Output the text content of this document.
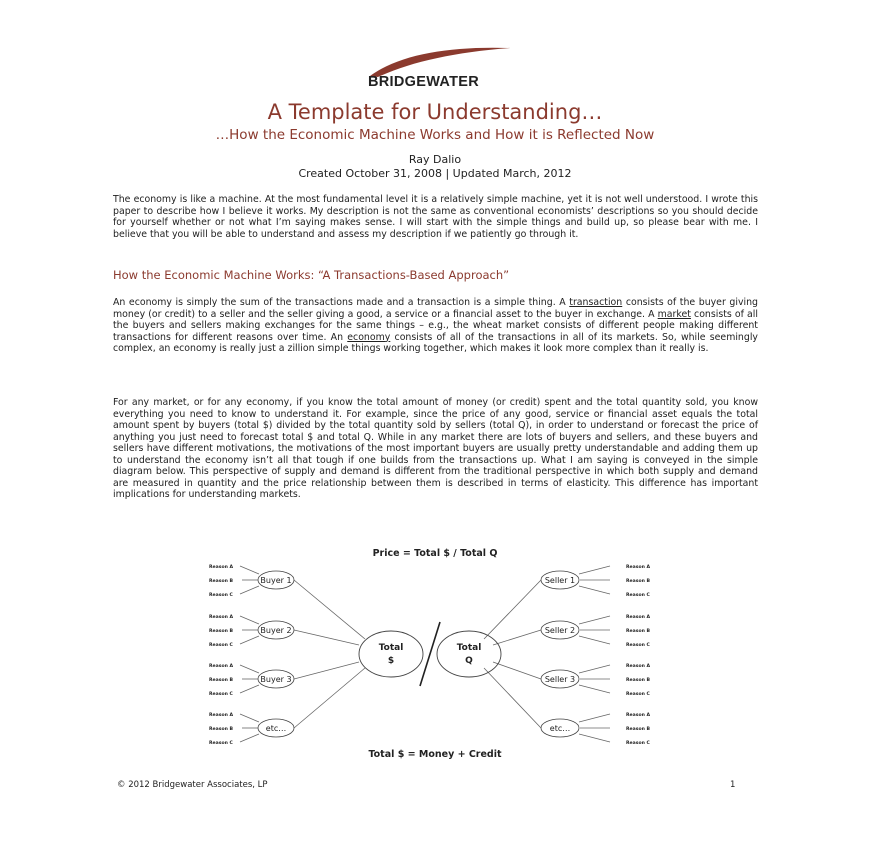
BRIDGEWATER
A Template for Understanding…
…How the Economic Machine Works and How it is Reflected Now
Ray Dalio
Created October 31, 2008 | Updated March, 2012

The economy is like a machine. At the most fundamental level it is a relatively simple machine, yet it is not well understood. I wrote this paper to describe how I believe it works. My description is not the same as conventional economists’ descriptions so you should decide for yourself whether or not what I’m saying makes sense. I will start with the simple things and build up, so please bear with me. I believe that you will be able to understand and assess my description if we patiently go through it.

How the Economic Machine Works: “A Transactions-Based Approach”

An economy is simply the sum of the transactions made and a transaction is a simple thing. A transaction consists of the buyer giving money (or credit) to a seller and the seller giving a good, a service or a financial asset to the buyer in exchange. A market consists of all the buyers and sellers making exchanges for the same things – e.g., the wheat market consists of different people making different transactions for different reasons over time. An economy consists of all of the transactions in all of its markets. So, while seemingly complex, an economy is really just a zillion simple things working together, which makes it look more complex than it really is.

For any market, or for any economy, if you know the total amount of money (or credit) spent and the total quantity sold, you know everything you need to know to understand it. For example, since the price of any good, service or financial asset equals the total amount spent by buyers (total $) divided by the total quantity sold by sellers (total Q), in order to understand or forecast the price of anything you just need to forecast total $ and total Q. While in any market there are lots of buyers and sellers, and these buyers and sellers have different motivations, the motivations of the most important buyers are usually pretty understandable and adding them up to understand the economy isn’t all that tough if one builds from the transactions up. What I am saying is conveyed in the simple diagram below. This perspective of supply and demand is different from the traditional perspective in which both supply and demand are measured in quantity and the price relationship between them is described in terms of elasticity. This difference has important implications for understanding markets.

Price = Total $ / Total Q
Total $ = Money + Credit
Buyer 1
Buyer 2
Buyer 3
etc…
Seller 1
Seller 2
Seller 3
etc…
Total
$
Total
Q
Reason A
Reason B
Reason C
Reason A
Reason B
Reason C
Reason A
Reason B
Reason C
Reason A
Reason B
Reason C
Reason A
Reason B
Reason C
Reason A
Reason B
Reason C
Reason A
Reason B
Reason C
Reason A
Reason B
Reason C
© 2012 Bridgewater Associates, LP	1
